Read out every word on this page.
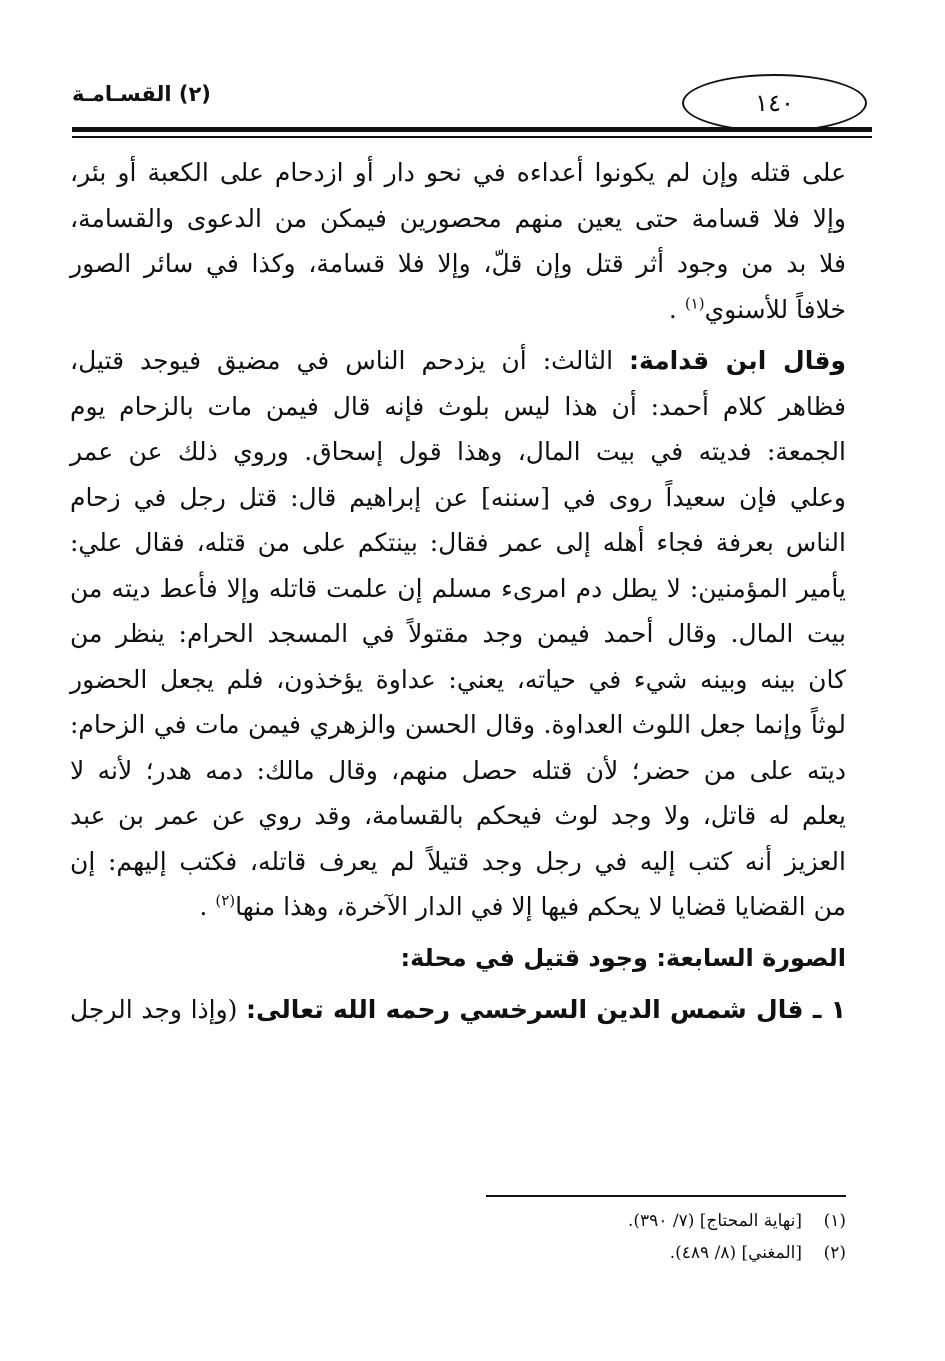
(٢) القسـامـة	١٤٠
على قتله وإن لم يكونوا أعداءه في نحو دار أو ازدحام على الكعبة أو بئر،
وإلا فلا قسامة حتى يعين منهم محصورين فيمكن من الدعوى والقسامة،
فلا بد من وجود أثر قتل وإن قلّ، وإلا فلا قسامة، وكذا في سائر الصور
خلافاً للأسنوي$^{(١)}$ .
وقال ابن قدامة: الثالث: أن يزدحم الناس في مضيق فيوجد قتيل،
فظاهر كلام أحمد: أن هذا ليس بلوث فإنه قال فيمن مات بالزحام يوم
الجمعة: فديته في بيت المال، وهذا قول إسحاق. وروي ذلك عن عمر
وعلي فإن سعيداً روى في [سننه] عن إبراهيم قال: قتل رجل في زحام
الناس بعرفة فجاء أهله إلى عمر فقال: بينتكم على من قتله، فقال علي:
يأمير المؤمنين: لا يطل دم امرىء مسلم إن علمت قاتله وإلا فأعط ديته من
بيت المال. وقال أحمد فيمن وجد مقتولاً في المسجد الحرام: ينظر من
كان بينه وبينه شيء في حياته، يعني: عداوة يؤخذون، فلم يجعل الحضور
لوثاً وإنما جعل اللوث العداوة. وقال الحسن والزهري فيمن مات في الزحام:
ديته على من حضر؛ لأن قتله حصل منهم، وقال مالك: دمه هدر؛ لأنه لا
يعلم له قاتل، ولا وجد لوث فيحكم بالقسامة، وقد روي عن عمر بن عبد
العزيز أنه كتب إليه في رجل وجد قتيلاً لم يعرف قاتله، فكتب إليهم: إن
من القضايا قضايا لا يحكم فيها إلا في الدار الآخرة، وهذا منها$^{(٢)}$ .
الصورة السابعة: وجود قتيل في محلة:
١ ـ قال شمس الدين السرخسي رحمه الله تعالى: (وإذا وجد الرجل
(١)[نهاية المحتاج] (٧/ ٣٩٠).
(٢)[المغني] (٨/ ٤٨٩).
